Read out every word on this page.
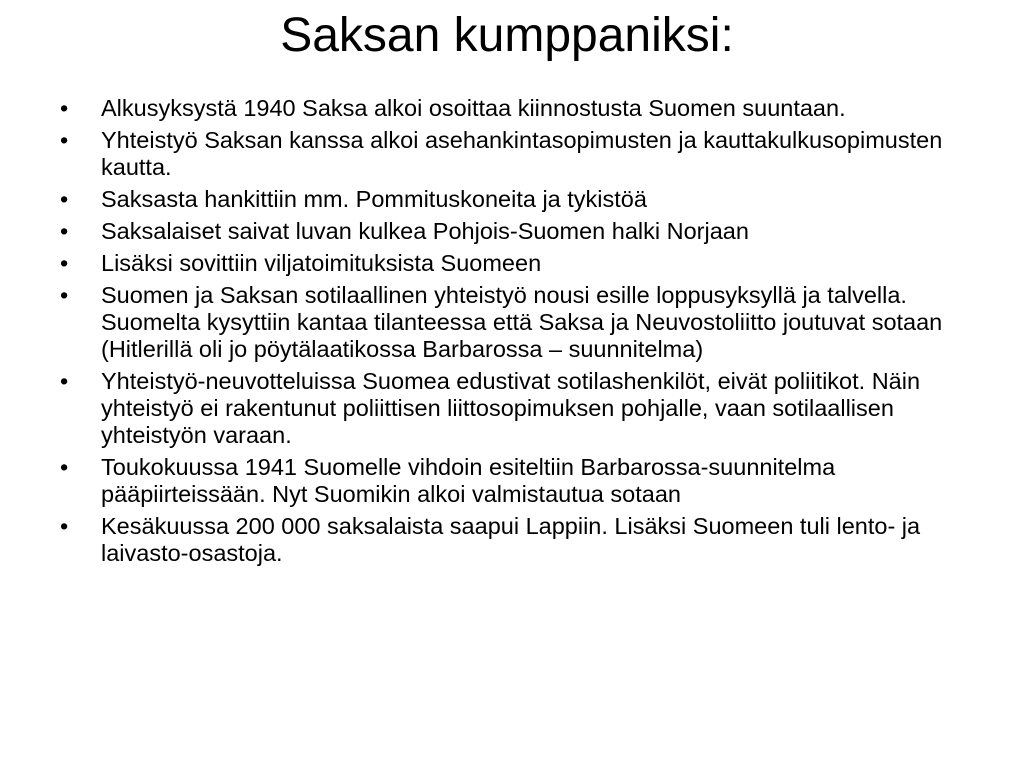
Saksan kumppaniksi:
•	Alkusyksystä 1940 Saksa alkoi osoittaa kiinnostusta Suomen suuntaan.
•	Yhteistyö Saksan kanssa alkoi asehankintasopimusten ja kauttakulkusopimusten kautta.
•	Saksasta hankittiin mm. Pommituskoneita ja tykistöä
•	Saksalaiset saivat luvan kulkea Pohjois-Suomen halki Norjaan
•	Lisäksi sovittiin viljatoimituksista Suomeen
•	Suomen ja Saksan sotilaallinen yhteistyö nousi esille loppusyksyllä ja talvella. Suomelta kysyttiin kantaa tilanteessa että Saksa ja Neuvostoliitto joutuvat sotaan (Hitlerillä oli jo pöytälaatikossa Barbarossa – suunnitelma)
•	Yhteistyö-neuvotteluissa Suomea edustivat sotilashenkilöt, eivät poliitikot. Näin yhteistyö ei rakentunut poliittisen liittosopimuksen pohjalle, vaan sotilaallisen yhteistyön varaan.
•	Toukokuussa 1941 Suomelle vihdoin esiteltiin Barbarossa-suunnitelma pääpiirteissään. Nyt Suomikin alkoi valmistautua sotaan
•	Kesäkuussa 200 000 saksalaista saapui Lappiin. Lisäksi Suomeen tuli lento- ja laivasto-osastoja.
